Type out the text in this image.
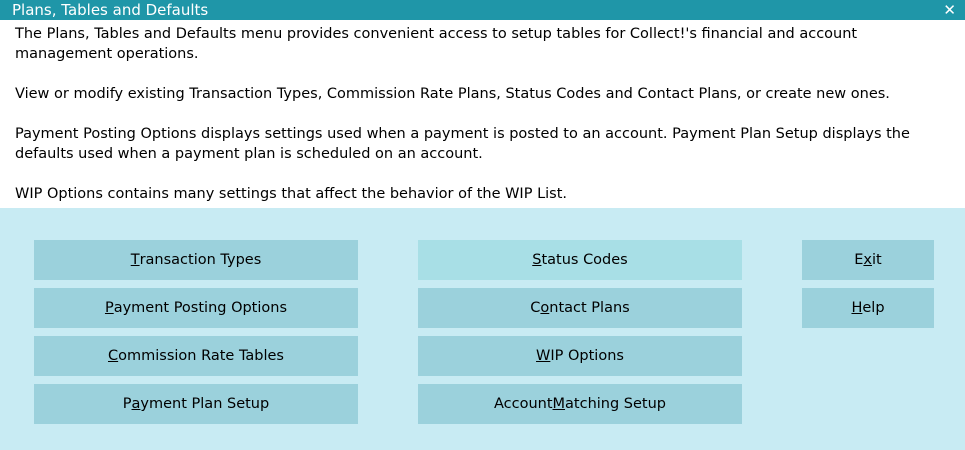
Plans, Tables and Defaults	✕

The Plans, Tables and Defaults menu provides convenient access to setup tables for Collect!'s financial and account management operations.

View or modify existing Transaction Types, Commission Rate Plans, Status Codes and Contact Plans, or create new ones.

Payment Posting Options displays settings used when a payment is posted to an account. Payment Plan Setup displays the defaults used when a payment plan is scheduled on an account.

WIP Options contains many settings that affect the behavior of the WIP List.

T ransaction Types
P ayment Posting Options
C ommission Rate Tables
P a yment Plan Setup
S tatus Codes
C o ntact Plans
W IP Options
Account M atching Setup
E x it
H elp
